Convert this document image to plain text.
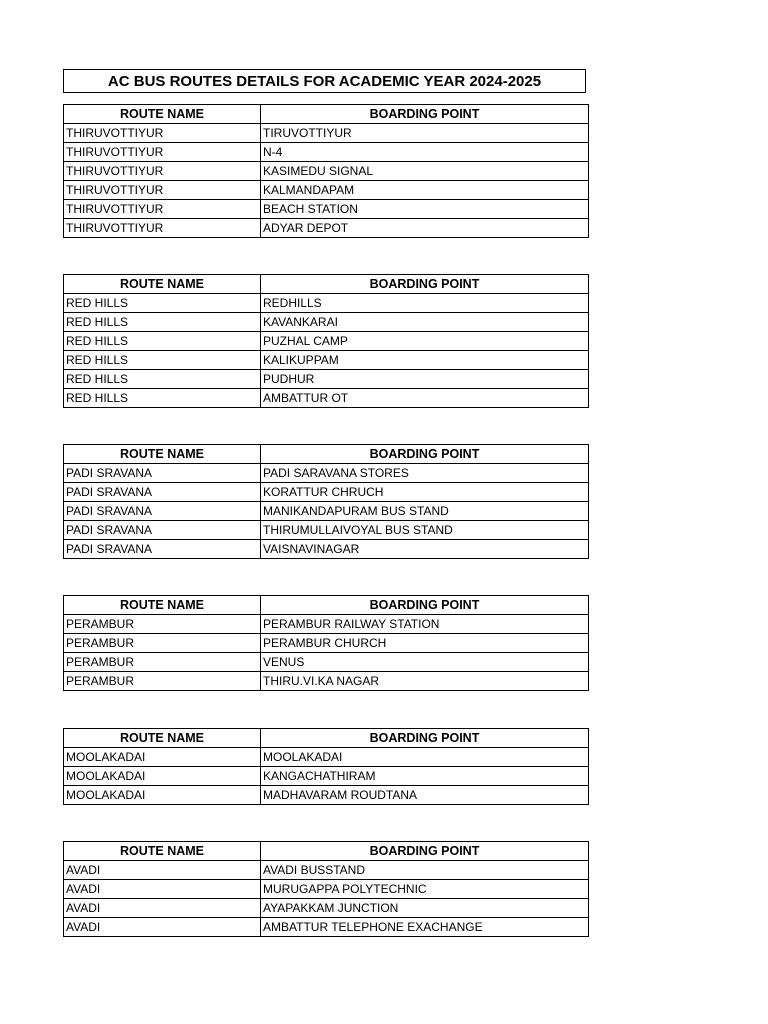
AC BUS ROUTES DETAILS FOR ACADEMIC YEAR 2024-2025
ROUTE NAME	BOARDING POINT
THIRUVOTTIYUR	TIRUVOTTIYUR
THIRUVOTTIYUR	N-4
THIRUVOTTIYUR	KASIMEDU SIGNAL
THIRUVOTTIYUR	KALMANDAPAM
THIRUVOTTIYUR	BEACH STATION
THIRUVOTTIYUR	ADYAR DEPOT
ROUTE NAME	BOARDING POINT
RED HILLS	REDHILLS
RED HILLS	KAVANKARAI
RED HILLS	PUZHAL CAMP
RED HILLS	KALIKUPPAM
RED HILLS	PUDHUR
RED HILLS	AMBATTUR OT
ROUTE NAME	BOARDING POINT
PADI SRAVANA	PADI SARAVANA STORES
PADI SRAVANA	KORATTUR CHRUCH
PADI SRAVANA	MANIKANDAPURAM BUS STAND
PADI SRAVANA	THIRUMULLAIVOYAL BUS STAND
PADI SRAVANA	VAISNAVINAGAR
ROUTE NAME	BOARDING POINT
PERAMBUR	PERAMBUR RAILWAY STATION
PERAMBUR	PERAMBUR CHURCH
PERAMBUR	VENUS
PERAMBUR	THIRU.VI.KA NAGAR
ROUTE NAME	BOARDING POINT
MOOLAKADAI	MOOLAKADAI
MOOLAKADAI	KANGACHATHIRAM
MOOLAKADAI	MADHAVARAM ROUDTANA
ROUTE NAME	BOARDING POINT
AVADI	AVADI BUSSTAND
AVADI	MURUGAPPA POLYTECHNIC
AVADI	AYAPAKKAM JUNCTION
AVADI	AMBATTUR TELEPHONE EXACHANGE
